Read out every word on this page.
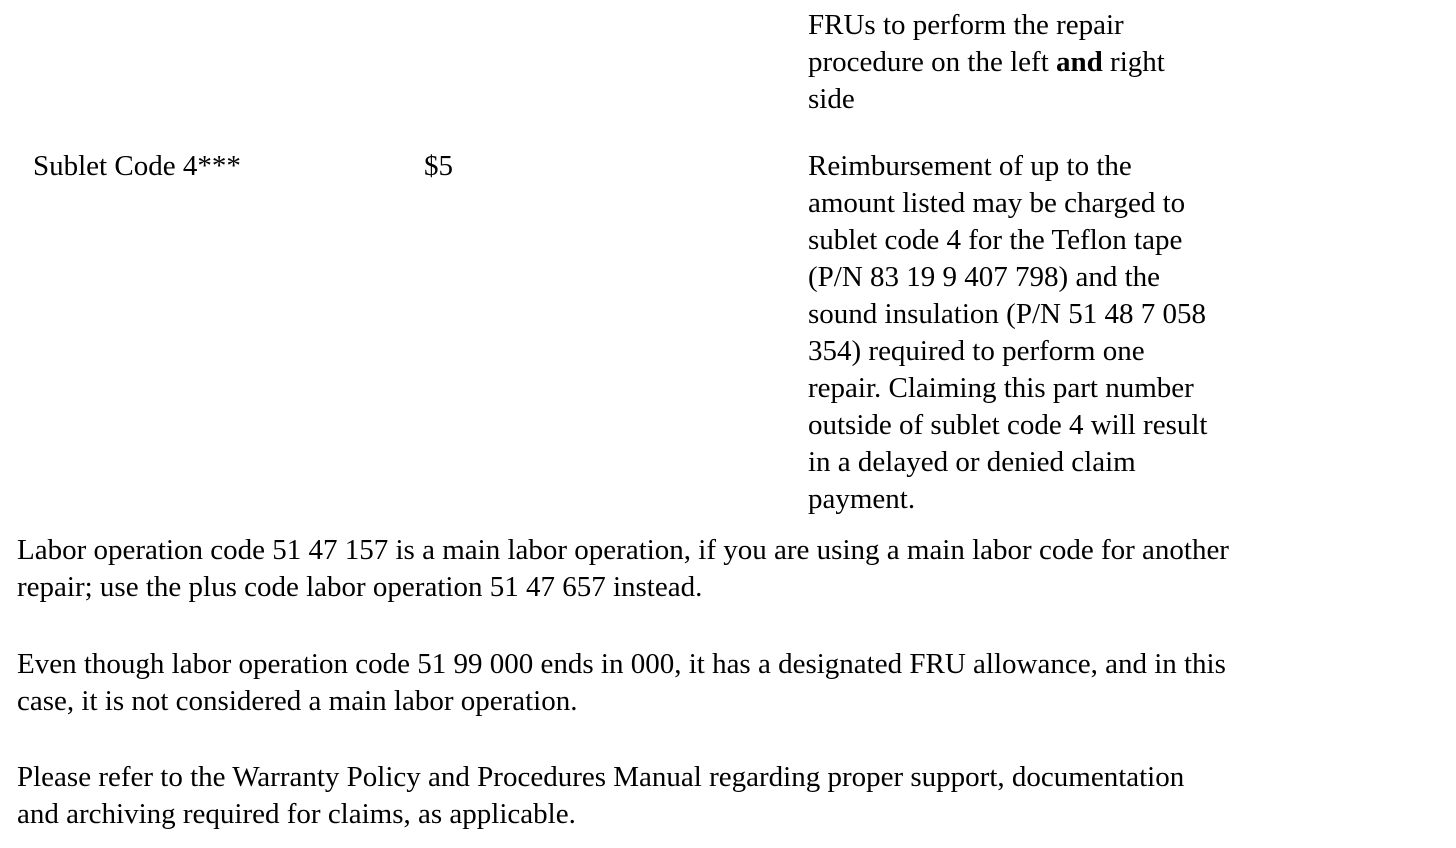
FRUs to perform the repair
procedure on the left and right
side
Sublet Code 4***	$5	Reimbursement of up to the
amount listed may be charged to
sublet code 4 for the Teflon tape
(P/N 83 19 9 407 798) and the
sound insulation (P/N 51 48 7 058
354) required to perform one
repair. Claiming this part number
outside of sublet code 4 will result
in a delayed or denied claim
payment.
Labor operation code 51 47 157 is a main labor operation, if you are using a main labor code for another
repair; use the plus code labor operation 51 47 657 instead.
Even though labor operation code 51 99 000 ends in 000, it has a designated FRU allowance, and in this
case, it is not considered a main labor operation.
Please refer to the Warranty Policy and Procedures Manual regarding proper support, documentation
and archiving required for claims, as applicable.
